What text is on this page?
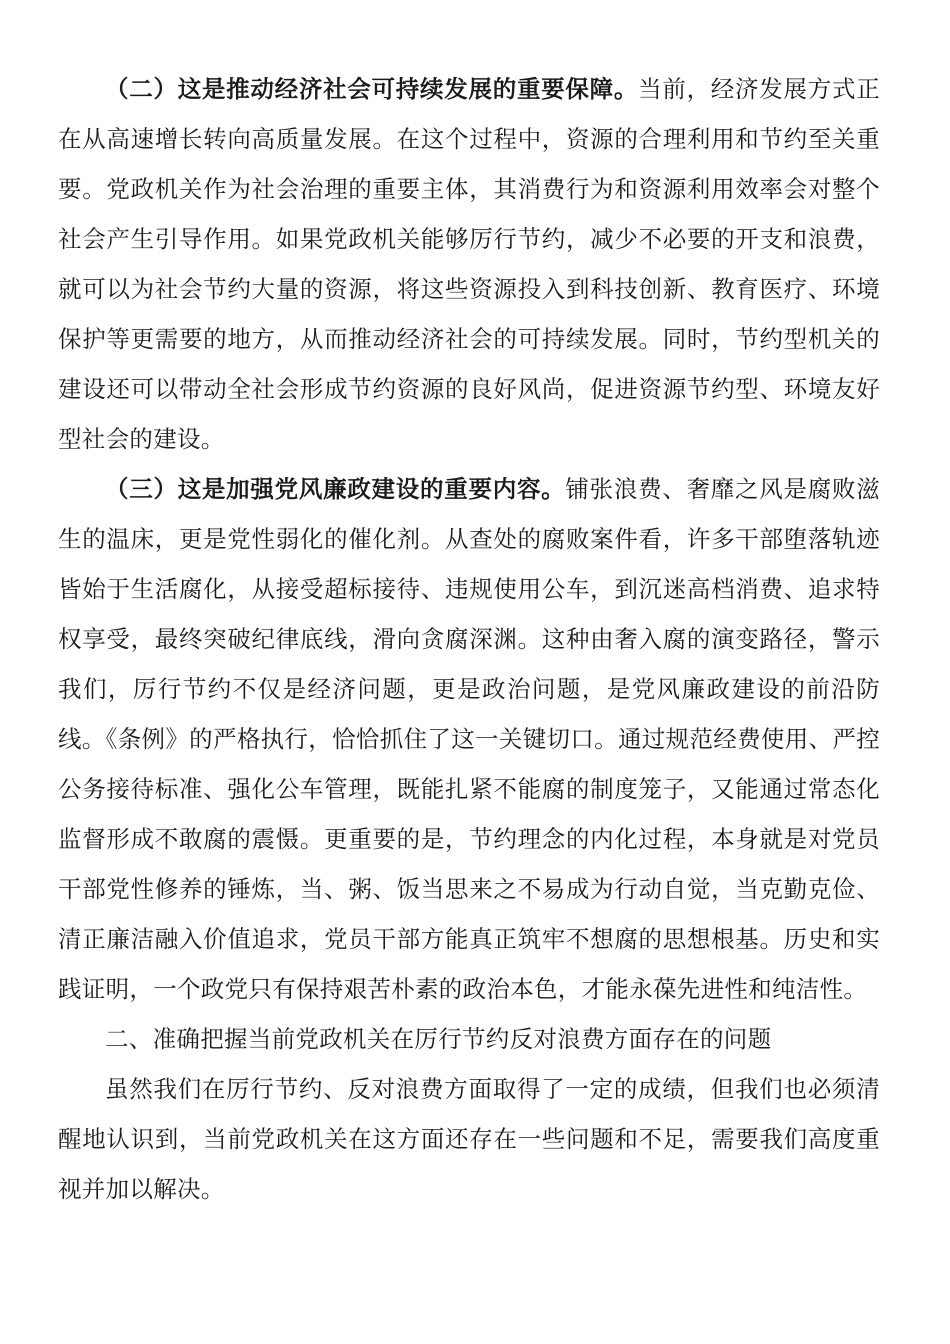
（二）这是推动经济社会可持续发展的重要保障。当前，经济发展方式正在从高速增长转向高质量发展。在这个过程中，资源的合理利用和节约至关重要。党政机关作为社会治理的重要主体，其消费行为和资源利用效率会对整个社会产生引导作用。如果党政机关能够厉行节约，减少不必要的开支和浪费，就可以为社会节约大量的资源，将这些资源投入到科技创新、教育医疗、环境保护等更需要的地方，从而推动经济社会的可持续发展。同时，节约型机关的建设还可以带动全社会形成节约资源的良好风尚，促进资源节约型、环境友好型社会的建设。

（三）这是加强党风廉政建设的重要内容。铺张浪费、奢靡之风是腐败滋生的温床，更是党性弱化的催化剂。从查处的腐败案件看，许多干部堕落轨迹皆始于生活腐化，从接受超标接待、违规使用公车，到沉迷高档消费、追求特权享受，最终突破纪律底线，滑向贪腐深渊。这种由奢入腐的演变路径，警示我们，厉行节约不仅是经济问题，更是政治问题，是党风廉政建设的前沿防线。《条例》的严格执行，恰恰抓住了这一关键切口。通过规范经费使用、严控公务接待标准、强化公车管理，既能扎紧不能腐的制度笼子，又能通过常态化监督形成不敢腐的震慑。更重要的是，节约理念的内化过程，本身就是对党员干部党性修养的锤炼，当、粥、饭当思来之不易成为行动自觉，当克勤克俭、清正廉洁融入价值追求，党员干部方能真正筑牢不想腐的思想根基。历史和实践证明，一个政党只有保持艰苦朴素的政治本色，才能永葆先进性和纯洁性。

二、准确把握当前党政机关在厉行节约反对浪费方面存在的问题

虽然我们在厉行节约、反对浪费方面取得了一定的成绩，但我们也必须清醒地认识到，当前党政机关在这方面还存在一些问题和不足，需要我们高度重视并加以解决。
